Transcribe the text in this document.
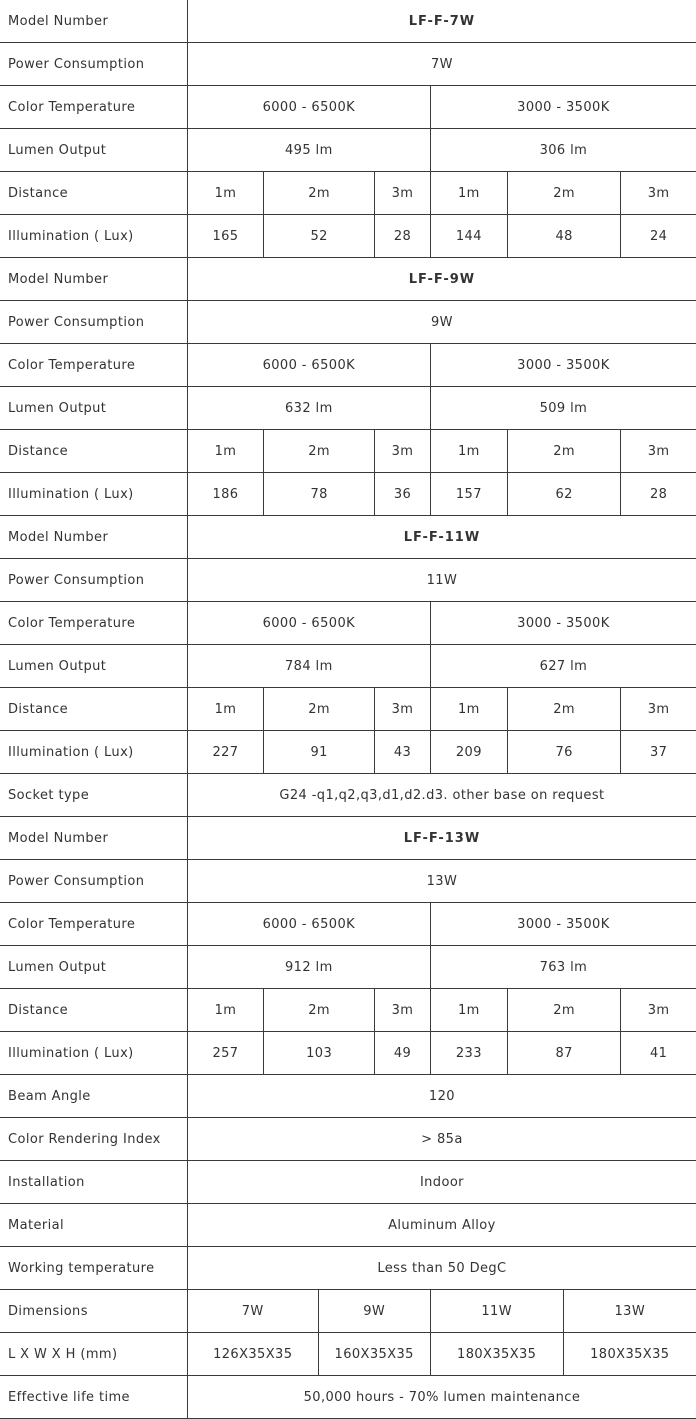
Model Number	LF-F-7W							
Power Consumption	7W							
Color Temperature	6000 - 6500K				3000 - 3500K			
Lumen Output	495 lm				306 lm			
Distance	1m	2m		3m	1m	2m		3m
Illumination ( Lux)	165	52		28	144	48		24
Model Number	LF-F-9W							
Power Consumption	9W							
Color Temperature	6000 - 6500K				3000 - 3500K			
Lumen Output	632 lm				509 lm			
Distance	1m	2m		3m	1m	2m		3m
Illumination ( Lux)	186	78		36	157	62		28
Model Number	LF-F-11W							
Power Consumption	11W							
Color Temperature	6000 - 6500K				3000 - 3500K			
Lumen Output	784 lm				627 lm			
Distance	1m	2m		3m	1m	2m		3m
Illumination ( Lux)	227	91		43	209	76		37
Socket type	G24 -q1,q2,q3,d1,d2.d3. other base on request							
Model Number	LF-F-13W							
Power Consumption	13W							
Color Temperature	6000 - 6500K				3000 - 3500K			
Lumen Output	912 lm				763 lm			
Distance	1m	2m		3m	1m	2m		3m
Illumination ( Lux)	257	103		49	233	87		41
Beam Angle	120							
Color Rendering Index	> 85a							
Installation	Indoor							
Material	Aluminum Alloy							
Working temperature	Less than 50 DegC							
Dimensions	7W		9W		11W		13W	
L X W X H (mm)	126X35X35		160X35X35		180X35X35		180X35X35	
Effective life time	50,000 hours - 70% lumen maintenance							
